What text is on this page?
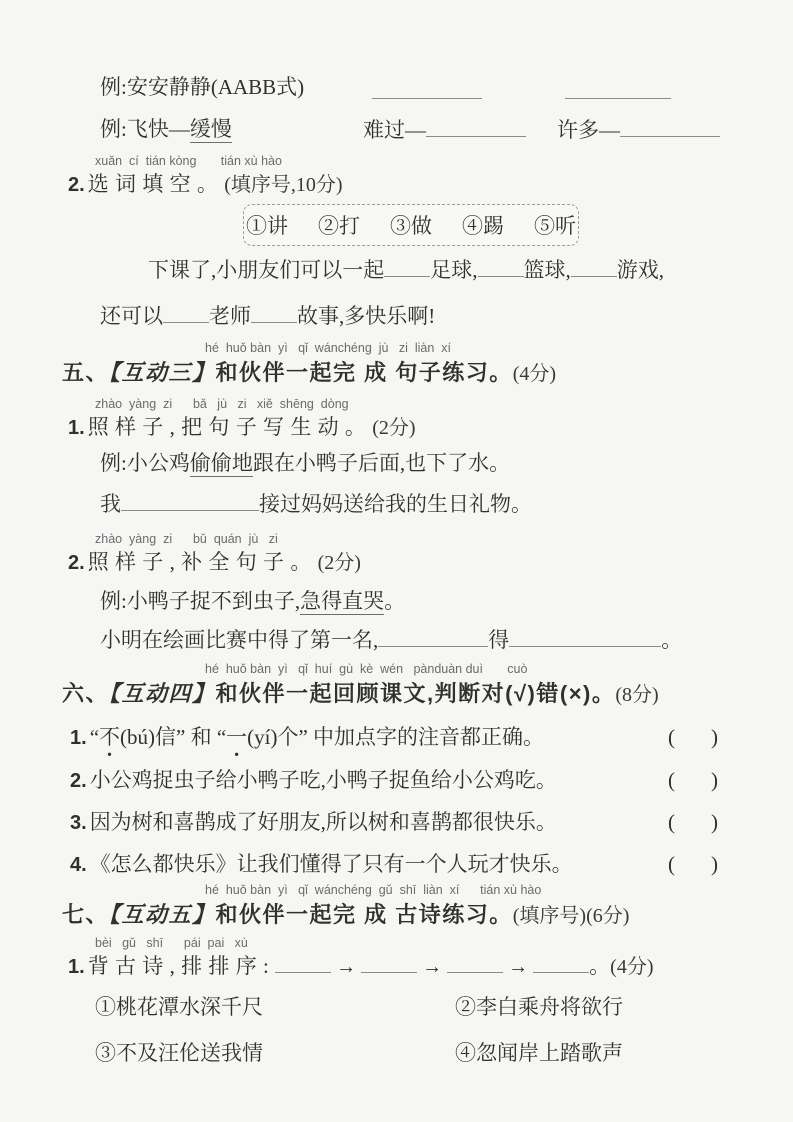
例:安安静静(AABB式)
例:飞快—缓慢	难过—	许多—
xuǎn  cí  tián kòng       tián xù hào
2. 选词填空。(填序号,10分)
①讲 ②打 ③做 ④踢 ⑤听
下课了,小朋友们可以一起 足球, 篮球, 游戏,
还可以 老师 故事,多快乐啊!
hé  huǒ bàn  yì   qǐ  wánchéng  jù   zi  liàn  xí
五、【互动三】和伙伴一起完 成 句子练习。(4分)
zhào  yàng  zi      bǎ   jù   zi   xiě  shēng  dòng
1. 照样子,把句子写生动。(2分)
例:小公鸡偷偷地跟在小鸭子后面,也下了水。
我	接过妈妈送给我的生日礼物。
zhào  yàng  zi      bǔ  quán  jù   zi
2. 照样子,补全句子。(2分)
例:小鸭子捉不到虫子,急得直哭。
小明在绘画比赛中得了第一名,	得	。
hé  huǒ bàn  yì   qǐ  huí  gù  kè  wén   pànduàn duì       cuò
六、【互动四】和伙伴一起回顾课文,判断对(√)错(×)。(8分)
1. “不(bú)信” 和 “一(yí)个” 中加点字的注音都正确。	( )
2. 小公鸡捉虫子给小鸭子吃,小鸭子捉鱼给小公鸡吃。	( )
3. 因为树和喜鹊成了好朋友,所以树和喜鹊都很快乐。	( )
4. 《怎么都快乐》让我们懂得了只有一个人玩才快乐。	( )
hé  huǒ bàn  yì   qǐ  wánchéng  gǔ  shī  liàn  xí      tián xù hào
七、【互动五】和伙伴一起完 成 古诗练习。(填序号)(6分)
bèi   gǔ   shī      pái  pai   xù
1. 背古诗,排排序:	→	→	→	。(4分)
①桃花潭水深千尺	②李白乘舟将欲行
③不及汪伦送我情	④忽闻岸上踏歌声
